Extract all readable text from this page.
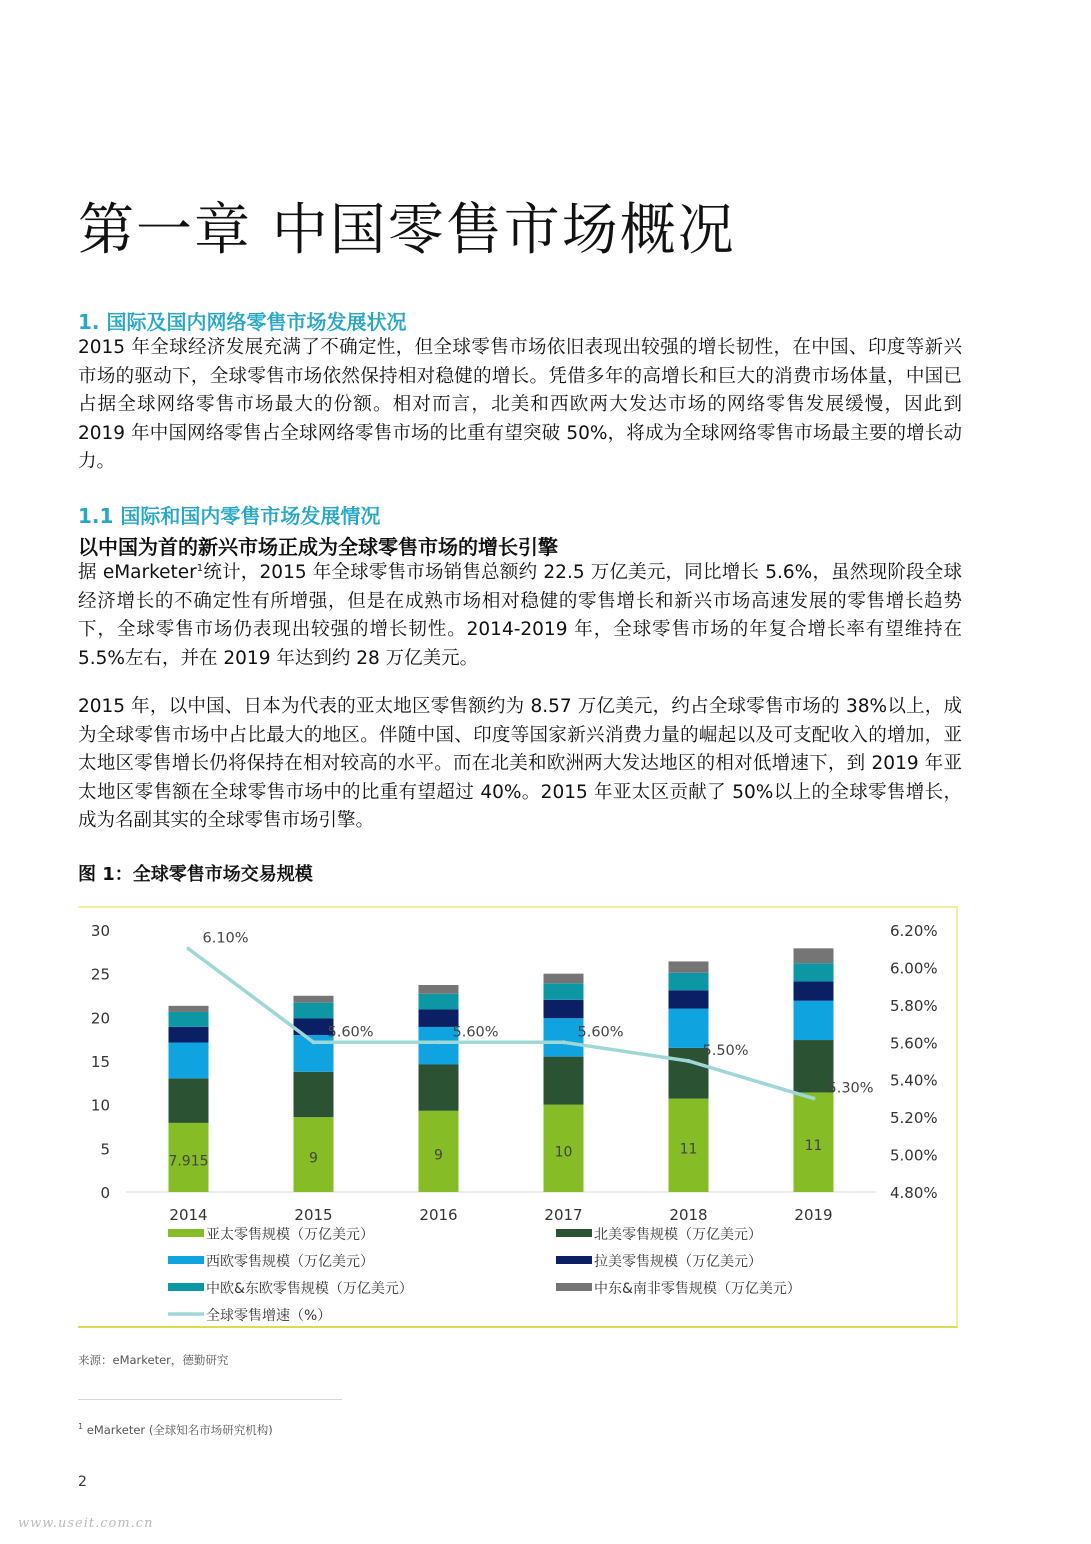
第一章 中国零售市场概况
1. 国际及国内网络零售市场发展状况

2015 年全球经济发展充满了不确定性，但全球零售市场依旧表现出较强的增长韧性，在中国、印度等新兴市场的驱动下，全球零售市场依然保持相对稳健的增长。凭借多年的高增长和巨大的消费市场体量，中国已占据全球网络零售市场最大的份额。相对而言，北美和西欧两大发达市场的网络零售发展缓慢，因此到 2019 年中国网络零售占全球网络零售市场的比重有望突破 50%，将成为全球网络零售市场最主要的增长动力。

1.1 国际和国内零售市场发展情况
以中国为首的新兴市场正成为全球零售市场的增长引擎

据 eMarketer$^1$统计，2015 年全球零售市场销售总额约 22.5 万亿美元，同比增长 5.6%，虽然现阶段全球经济增长的不确定性有所增强，但是在成熟市场相对稳健的零售增长和新兴市场高速发展的零售增长趋势下，全球零售市场仍表现出较强的增长韧性。2014-2019 年，全球零售市场的年复合增长率有望维持在 5.5%左右，并在 2019 年达到约 28 万亿美元。

2015 年，以中国、日本为代表的亚太地区零售额约为 8.57 万亿美元，约占全球零售市场的 38%以上，成为全球零售市场中占比最大的地区。伴随中国、印度等国家新兴消费力量的崛起以及可支配收入的增加，亚太地区零售增长仍将保持在相对较高的水平。而在北美和欧洲两大发达地区的相对低增速下，到 2019 年亚太地区零售额在全球零售市场中的比重有望超过 40%。2015 年亚太区贡献了 50%以上的全球零售增长，成为名副其实的全球零售市场引擎。

图 1：全球零售市场交易规模
0
5
10
15
20
25
30
4.80%
5.00%
5.20%
5.40%
5.60%
5.80%
6.00%
6.20%
2014	2015	2016	2017	2018	2019
7.915	9	9	10	11	11
6.10%
5.60%	5.60%	5.60%
5.50%
5.30%
亚太零售规模（万亿美元）	北美零售规模（万亿美元）
西欧零售规模（万亿美元）	拉美零售规模（万亿美元）
中欧&东欧零售规模（万亿美元）	中东&南非零售规模（万亿美元）
全球零售增速（%）
来源：eMarketer，德勤研究
$^1$ eMarketer (全球知名市场研究机构)
2
www.useit.com.cn
